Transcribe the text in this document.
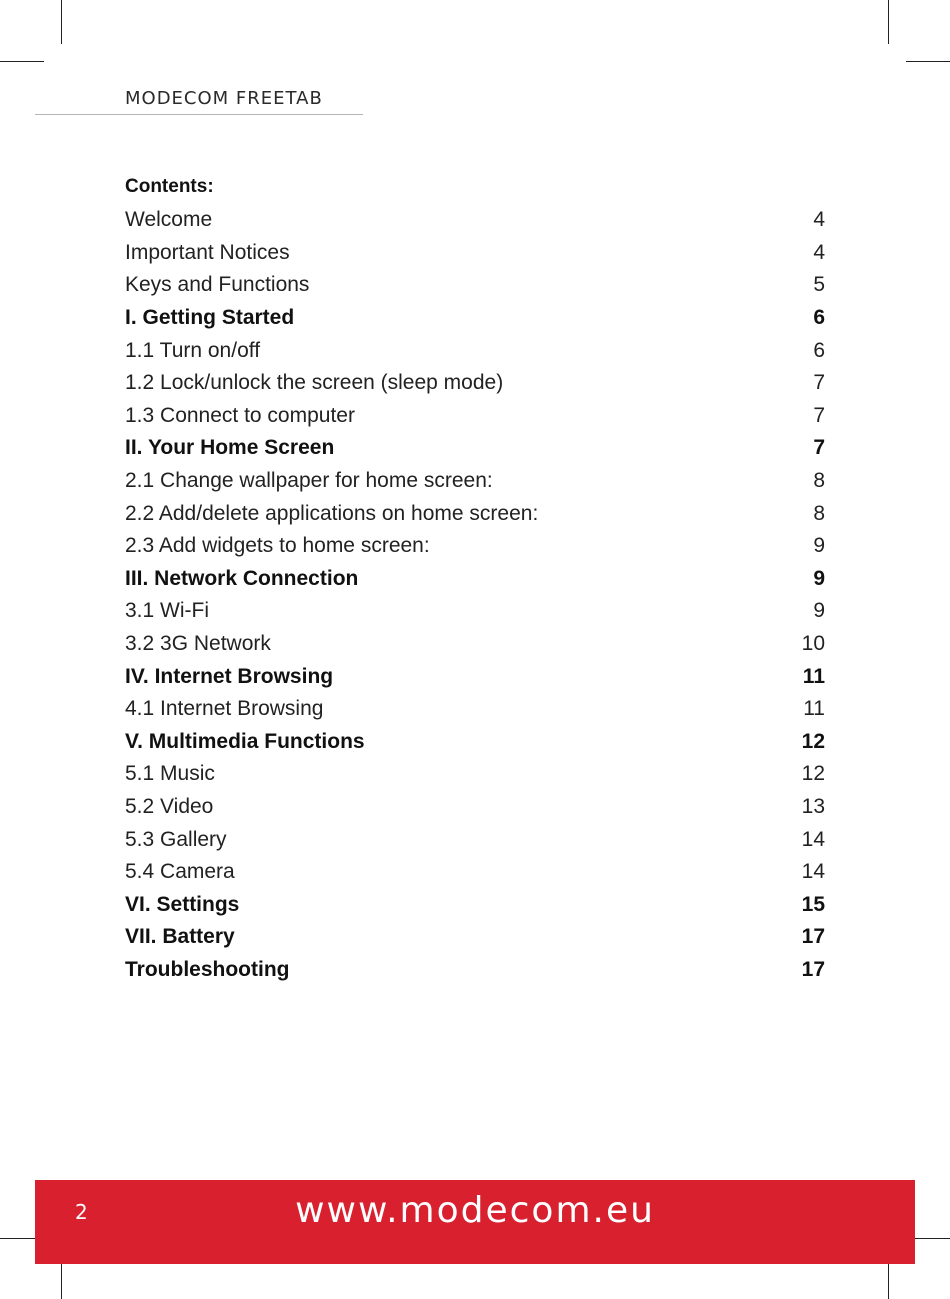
MODECOM FREETAB
Contents:
Welcome	4
Important Notices	4
Keys and Functions	5
I. Getting Started	6
1.1 Turn on/off	6
1.2 Lock/unlock the screen (sleep mode)	7
1.3 Connect to computer	7
II. Your Home Screen	7
2.1 Change wallpaper for home screen:	8
2.2 Add/delete applications on home screen:	8
2.3 Add widgets to home screen:	9
III. Network Connection	9
3.1 Wi-Fi	9
3.2 3G Network	10
IV. Internet Browsing	11
4.1 Internet Browsing	11
V. Multimedia Functions	12
5.1 Music	12
5.2 Video	13
5.3 Gallery	14
5.4 Camera	14
VI. Settings	15
VII. Battery	17
Troubleshooting	17
2	www.modecom.eu
